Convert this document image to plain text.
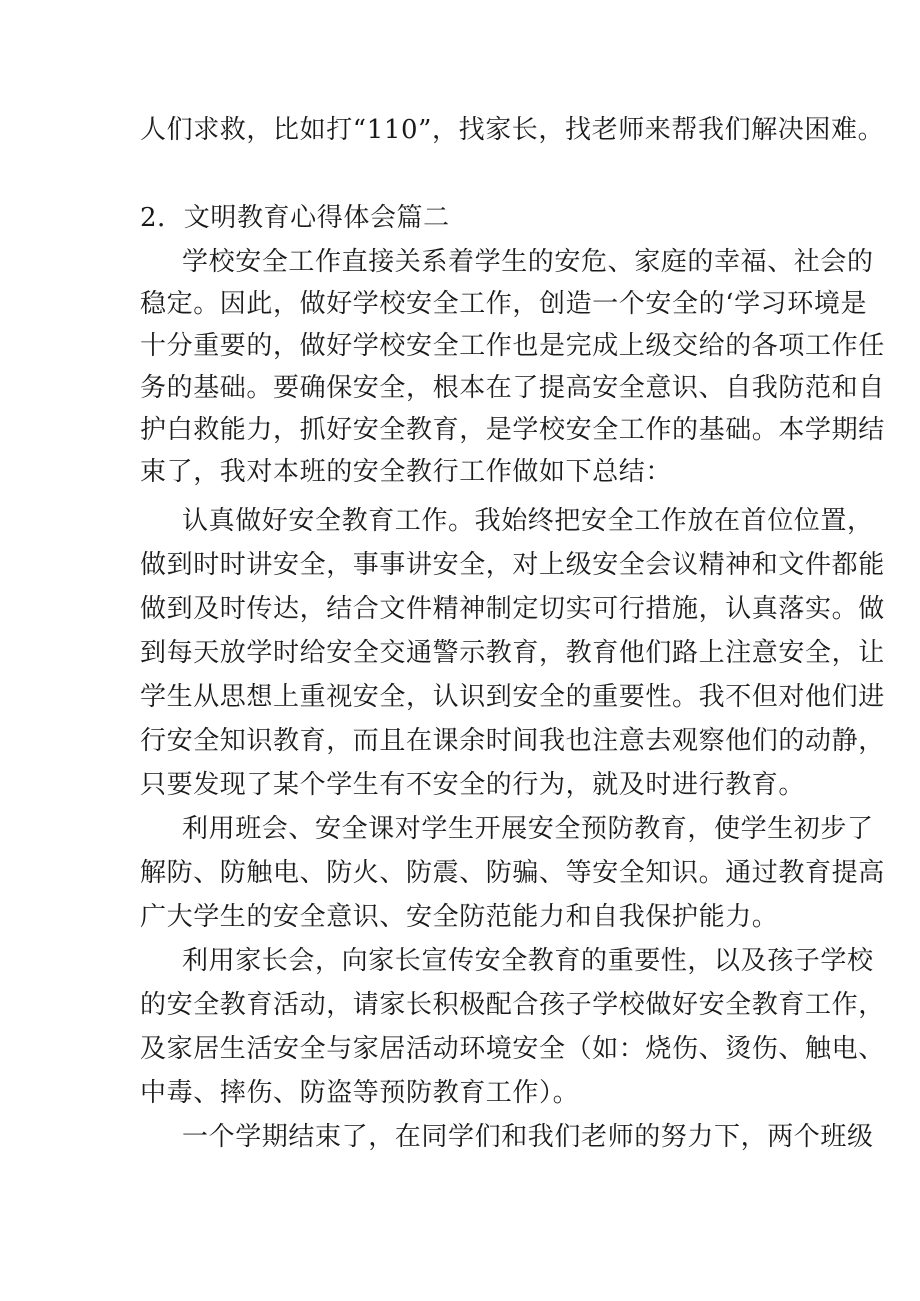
人们求救，比如打“110”，找家长，找老师来帮我们解决困难。
2．文明教育心得体会篇二
学校安全工作直接关系着学生的安危、家庭的幸福、社会的
稳定。因此，做好学校安全工作，创造一个安全的‘学习环境是
十分重要的，做好学校安全工作也是完成上级交给的各项工作任
务的基础。要确保安全，根本在了提高安全意识、自我防范和自
护白救能力，抓好安全教育，是学校安全工作的基础。本学期结
束了，我对本班的安全教行工作做如下总结：
认真做好安全教育工作。我始终把安全工作放在首位位置，
做到时时讲安全，事事讲安全，对上级安全会议精神和文件都能
做到及时传达，结合文件精神制定切实可行措施，认真落实。做
到每天放学时给安全交通警示教育，教育他们路上注意安全，让
学生从思想上重视安全，认识到安全的重要性。我不但对他们进
行安全知识教育，而且在课余时间我也注意去观察他们的动静，
只要发现了某个学生有不安全的行为，就及时进行教育。
利用班会、安全课对学生开展安全预防教育，使学生初步了
解防、防触电、防火、防震、防骗、等安全知识。通过教育提高
广大学生的安全意识、安全防范能力和自我保护能力。
利用家长会，向家长宣传安全教育的重要性，以及孩子学校
的安全教育活动，请家长积极配合孩子学校做好安全教育工作，
及家居生活安全与家居活动环境安全（如：烧伤、烫伤、触电、
中毒、摔伤、防盗等预防教育工作）。
一个学期结束了，在同学们和我们老师的努力下，两个班级
